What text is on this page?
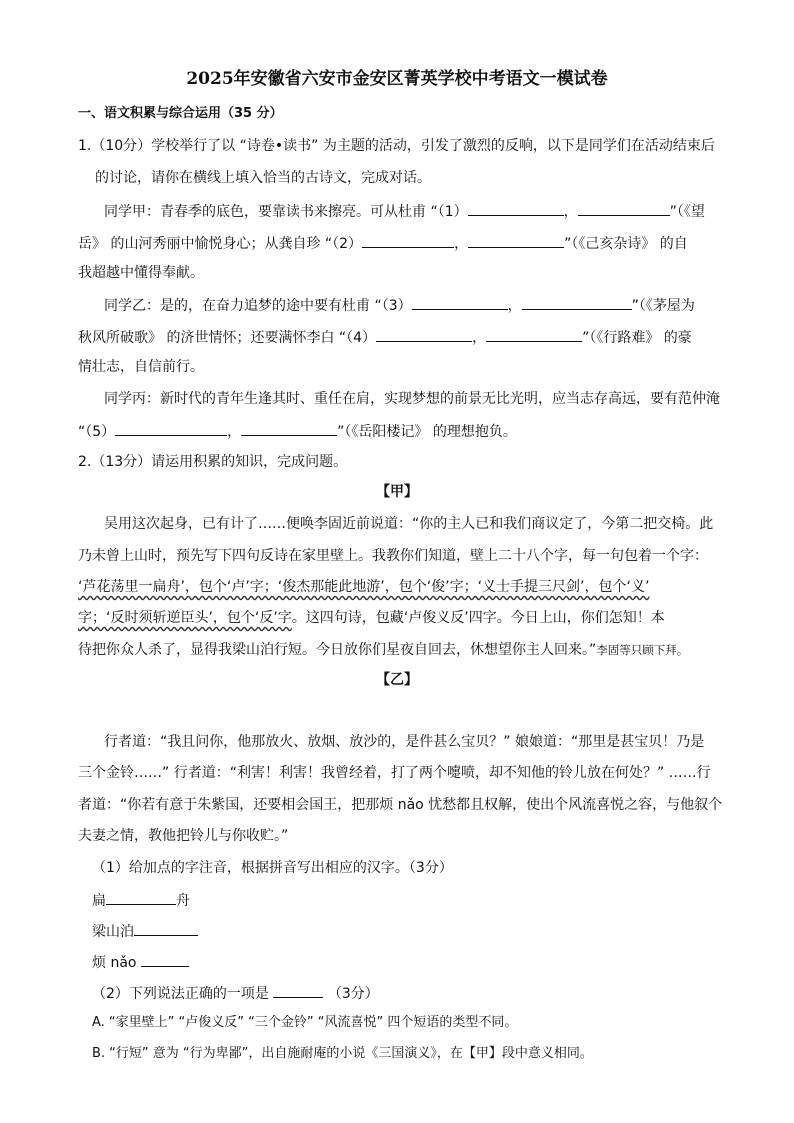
2025年安徽省六安市金安区菁英学校中考语文一模试卷
一、语文积累与综合运用（35 分）
1.（10分）学校举行了以 “诗卷•读书” 为主题的活动，引发了激烈的反响，以下是同学们在活动结束后
的讨论，请你在横线上填入恰当的古诗文，完成对话。
同学甲：青春季的底色，要靠读书来擦亮。可从杜甫 “（1）	，	”（《望
岳》 的山河秀丽中愉悦身心；从龚自珍 “（2）	，	”（《己亥杂诗》 的自
我超越中懂得奉献。
同学乙：是的，在奋力追梦的途中要有杜甫 “（3）	，	”（《茅屋为
秋风所破歌》 的济世情怀；还要满怀李白 “（4）	，	”（《行路难》 的豪
情壮志，自信前行。
同学丙：新时代的青年生逢其时、重任在肩，实现梦想的前景无比光明，应当志存高远，要有范仲淹
“（5）	，	”（《岳阳楼记》 的理想抱负。
2.（13分）请运用积累的知识，完成问题。
【甲】
吴用这次起身，已有计了……便唤李固近前说道：“你的主人已和我们商议定了，今第二把交椅。此
乃未曾上山时，预先写下四句反诗在家里壁上。我教你们知道，壁上二十八个字，每一句包着一个字：
‘芦花荡里一扁舟’，包个‘卢’字；‘俊杰那能此地游’，包个‘俊’字；‘义士手提三尺剑’，包个‘义’
字；‘反时须斩逆臣头’，包个‘反’字。这四句诗，包藏‘卢俊义反’四字。今日上山，你们怎知！本
待把你众人杀了，显得我梁山泊行短。今日放你们星夜自回去，休想望你主人回来。”李固等只顾下拜。
【乙】
行者道：“我且问你，他那放火、放烟、放沙的，是件甚么宝贝？” 娘娘道：“那里是甚宝贝！乃是
三个金铃……” 行者道：“利害！利害！我曾经着，打了两个嚏喷，却不知他的铃儿放在何处？” ……行
者道：“你若有意于朱紫国，还要相会国王，把那烦 nǎo 忧愁都且权解，使出个风流喜悦之容，与他叙个
夫妻之情，教他把铃儿与你收贮。”
（1）给加点的字注音，根据拼音写出相应的汉字。（3分）
扁	舟
梁山泊
烦 nǎo
（2）下列说法正确的一项是	（3分）
A. “家里壁上” “卢俊义反” “三个金铃” “风流喜悦” 四个短语的类型不同。
B. “行短” 意为 “行为卑鄙”，出自施耐庵的小说《三国演义》，在【甲】段中意义相同。
